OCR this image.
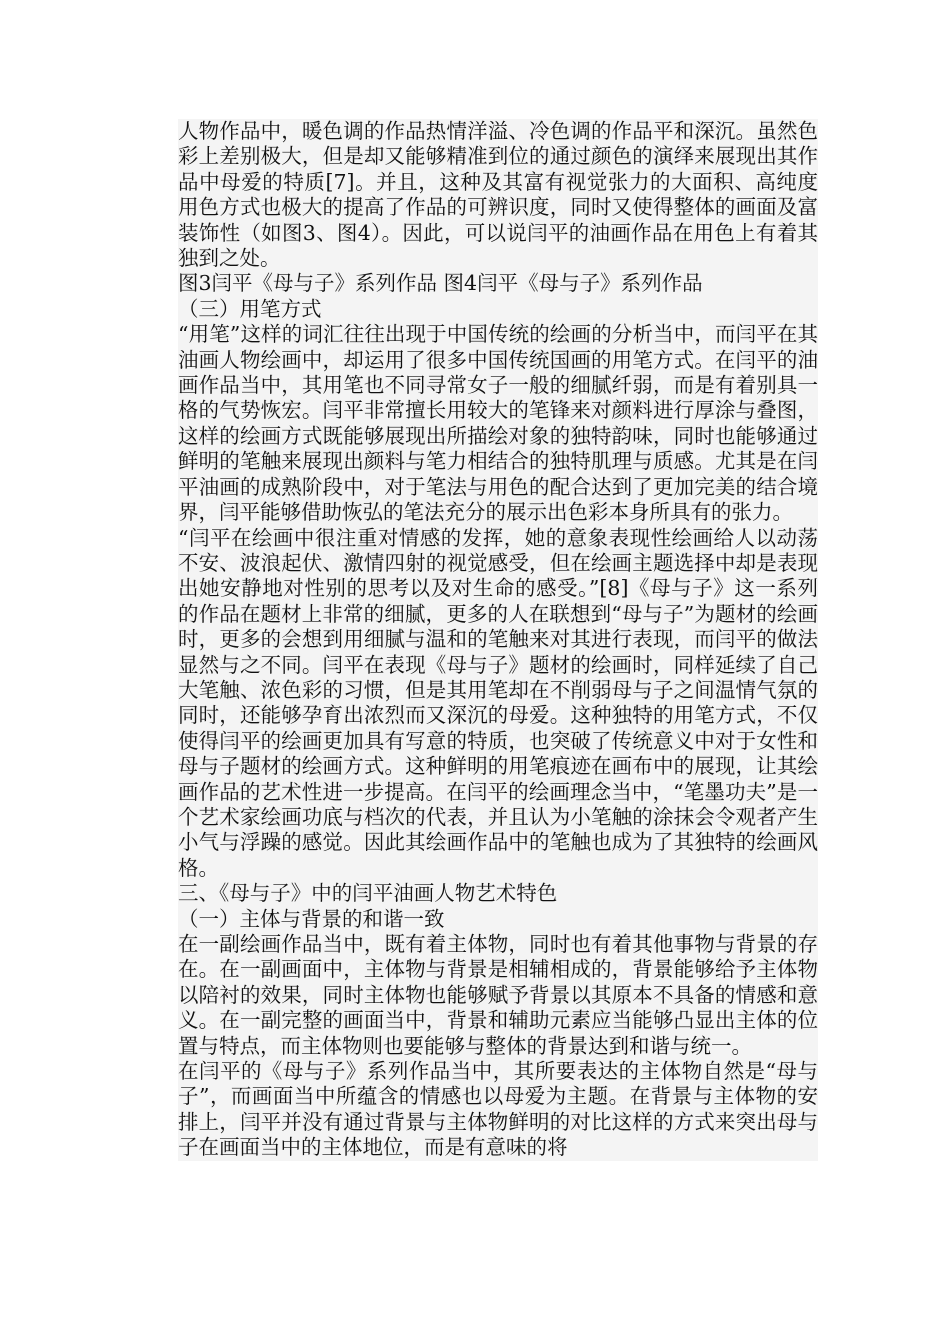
人物作品中，暖色调的作品热情洋溢、冷色调的作品平和深沉。虽然色彩上差别极大，但是却又能够精准到位的通过颜色的演绎来展现出其作品中母爱的特质[7]。并且，这种及其富有视觉张力的大面积、高纯度用色方式也极大的提高了作品的可辨识度，同时又使得整体的画面及富装饰性（如图3、图4）。因此，可以说闫平的油画作品在用色上有着其独到之处。

图3闫平《母与子》系列作品 图4闫平《母与子》系列作品
（三）用笔方式

“用笔”这样的词汇往往出现于中国传统的绘画的分析当中，而闫平在其油画人物绘画中，却运用了很多中国传统国画的用笔方式。在闫平的油画作品当中，其用笔也不同寻常女子一般的细腻纤弱，而是有着别具一格的气势恢宏。闫平非常擅长用较大的笔锋来对颜料进行厚涂与叠图，这样的绘画方式既能够展现出所描绘对象的独特韵味，同时也能够通过鲜明的笔触来展现出颜料与笔力相结合的独特肌理与质感。尤其是在闫平油画的成熟阶段中，对于笔法与用色的配合达到了更加完美的结合境界，闫平能够借助恢弘的笔法充分的展示出色彩本身所具有的张力。

“闫平在绘画中很注重对情感的发挥，她的意象表现性绘画给人以动荡不安、波浪起伏、激情四射的视觉感受，但在绘画主题选择中却是表现出她安静地对性别的思考以及对生命的感受。”[8]《母与子》这一系列的作品在题材上非常的细腻，更多的人在联想到“母与子”为题材的绘画时，更多的会想到用细腻与温和的笔触来对其进行表现，而闫平的做法显然与之不同。闫平在表现《母与子》题材的绘画时，同样延续了自己大笔触、浓色彩的习惯，但是其用笔却在不削弱母与子之间温情气氛的同时，还能够孕育出浓烈而又深沉的母爱。这种独特的用笔方式，不仅使得闫平的绘画更加具有写意的特质，也突破了传统意义中对于女性和母与子题材的绘画方式。这种鲜明的用笔痕迹在画布中的展现，让其绘画作品的艺术性进一步提高。在闫平的绘画理念当中，“笔墨功夫”是一个艺术家绘画功底与档次的代表，并且认为小笔触的涂抹会令观者产生小气与浮躁的感觉。因此其绘画作品中的笔触也成为了其独特的绘画风格。

三、《母与子》中的闫平油画人物艺术特色
（一）主体与背景的和谐一致

在一副绘画作品当中，既有着主体物，同时也有着其他事物与背景的存在。在一副画面中，主体物与背景是相辅相成的，背景能够给予主体物以陪衬的效果，同时主体物也能够赋予背景以其原本不具备的情感和意义。在一副完整的画面当中，背景和辅助元素应当能够凸显出主体的位置与特点，而主体物则也要能够与整体的背景达到和谐与统一。

在闫平的《母与子》系列作品当中，其所要表达的主体物自然是“母与子”，而画面当中所蕴含的情感也以母爱为主题。在背景与主体物的安排上，闫平并没有通过背景与主体物鲜明的对比这样的方式来突出母与子在画面当中的主体地位，而是有意味的将
